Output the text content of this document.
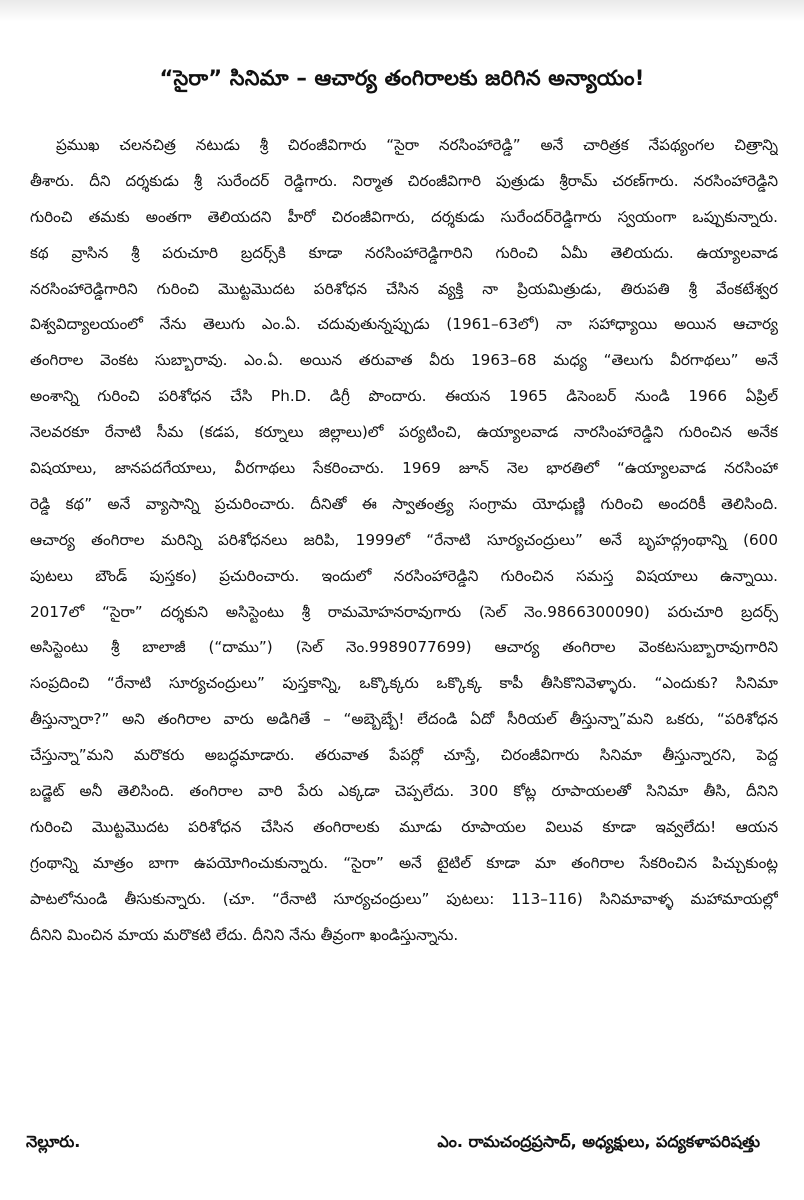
“సైరా” సినిమా – ఆచార్య తంగిరాలకు జరిగిన అన్యాయం!
ప్రముఖ చలనచిత్ర నటుడు శ్రీ చిరంజీవిగారు “సైరా నరసింహారెడ్డి” అనే చారిత్రక నేపథ్యంగల చిత్రాన్ని
తీశారు. దీని దర్శకుడు శ్రీ సురేందర్ రెడ్డిగారు. నిర్మాత చిరంజీవిగారి పుత్రుడు శ్రీరామ్ చరణ్‌గారు. నరసింహారెడ్డిని
గురించి తమకు అంతగా తెలియదని హీరో చిరంజీవిగారు, దర్శకుడు సురేందర్‌రెడ్డిగారు స్వయంగా ఒప్పుకున్నారు.
కథ వ్రాసిన శ్రీ పరుచూరి బ్రదర్స్‌కి కూడా నరసింహారెడ్డిగారిని గురించి ఏమీ తెలియదు. ఉయ్యాలవాడ
నరసింహారెడ్డిగారిని గురించి మొట్టమొదట పరిశోధన చేసిన వ్యక్తి నా ప్రియమిత్రుడు, తిరుపతి శ్రీ వేంకటేశ్వర
విశ్వవిద్యాలయంలో నేను తెలుగు ఎం.ఏ. చదువుతున్నప్పుడు (1961–63లో) నా సహాధ్యాయి అయిన ఆచార్య
తంగిరాల వెంకట సుబ్బారావు. ఎం.ఏ. అయిన తరువాత వీరు 1963–68 మధ్య “తెలుగు వీరగాథలు” అనే
అంశాన్ని గురించి పరిశోధన చేసి Ph.D. డిగ్రీ పొందారు. ఈయన 1965 డిసెంబర్ నుండి 1966 ఏప్రిల్
నెలవరకూ రేనాటి సీమ (కడప, కర్నూలు జిల్లాలు)లో పర్యటించి, ఉయ్యాలవాడ నారసింహారెడ్డిని గురించిన అనేక
విషయాలు, జానపదగేయాలు, వీరగాథలు సేకరించారు. 1969 జూన్ నెల భారతిలో “ఉయ్యాలవాడ నరసింహా
రెడ్డి కథ” అనే వ్యాసాన్ని ప్రచురించారు. దీనితో ఈ స్వాతంత్ర్య సంగ్రామ యోధుణ్ణి గురించి అందరికీ తెలిసింది.
ఆచార్య తంగిరాల మరిన్ని పరిశోధనలు జరిపి, 1999లో “రేనాటి సూర్యచంద్రులు” అనే బృహద్గ్రంథాన్ని (600
పుటలు బౌండ్ పుస్తకం) ప్రచురించారు. ఇందులో నరసింహారెడ్డిని గురించిన సమస్త విషయాలు ఉన్నాయి.
2017లో “సైరా” దర్శకుని అసిస్టెంటు శ్రీ రామమోహనరావుగారు (సెల్ నెం.9866300090) పరుచూరి బ్రదర్స్
అసిస్టెంటు శ్రీ బాలాజీ (“దాము”) (సెల్ నెం.9989077699) ఆచార్య తంగిరాల వెంకటసుబ్బారావుగారిని
సంప్రదించి “రేనాటి సూర్యచంద్రులు” పుస్తకాన్ని, ఒక్కొక్కరు ఒక్కొక్క కాపీ తీసికొనివెళ్ళారు. “ఎందుకు? సినిమా
తీస్తున్నారా?” అని తంగిరాల వారు అడిగితే – “అబ్బెబ్బే! లేదండి ఏదో సీరియల్ తీస్తున్నా”మని ఒకరు, “పరిశోధన
చేస్తున్నా”మని మరొకరు అబద్ధమాడారు. తరువాత పేపర్లో చూస్తే, చిరంజీవిగారు సినిమా తీస్తున్నారని, పెద్ద
బడ్జెట్ అనీ తెలిసింది. తంగిరాల వారి పేరు ఎక్కడా చెప్పలేదు. 300 కోట్ల రూపాయలతో సినిమా తీసి, దీనిని
గురించి మొట్టమొదట పరిశోధన చేసిన తంగిరాలకు మూడు రూపాయల విలువ కూడా ఇవ్వలేదు! ఆయన
గ్రంథాన్ని మాత్రం బాగా ఉపయోగించుకున్నారు. “సైరా” అనే టైటిల్ కూడా మా తంగిరాల సేకరించిన పిచ్చుకుంట్ల
పాటలోనుండి తీసుకున్నారు. (చూ. “రేనాటి సూర్యచంద్రులు” పుటలు: 113–116) సినిమావాళ్ళ మహామాయల్లో
దీనిని మించిన మాయ మరొకటి లేదు. దీనిని నేను తీవ్రంగా ఖండిస్తున్నాను.
నెల్లూరు.	ఎం. రామచంద్రప్రసాద్, అధ్యక్షులు, పద్యకళాపరిషత్తు
